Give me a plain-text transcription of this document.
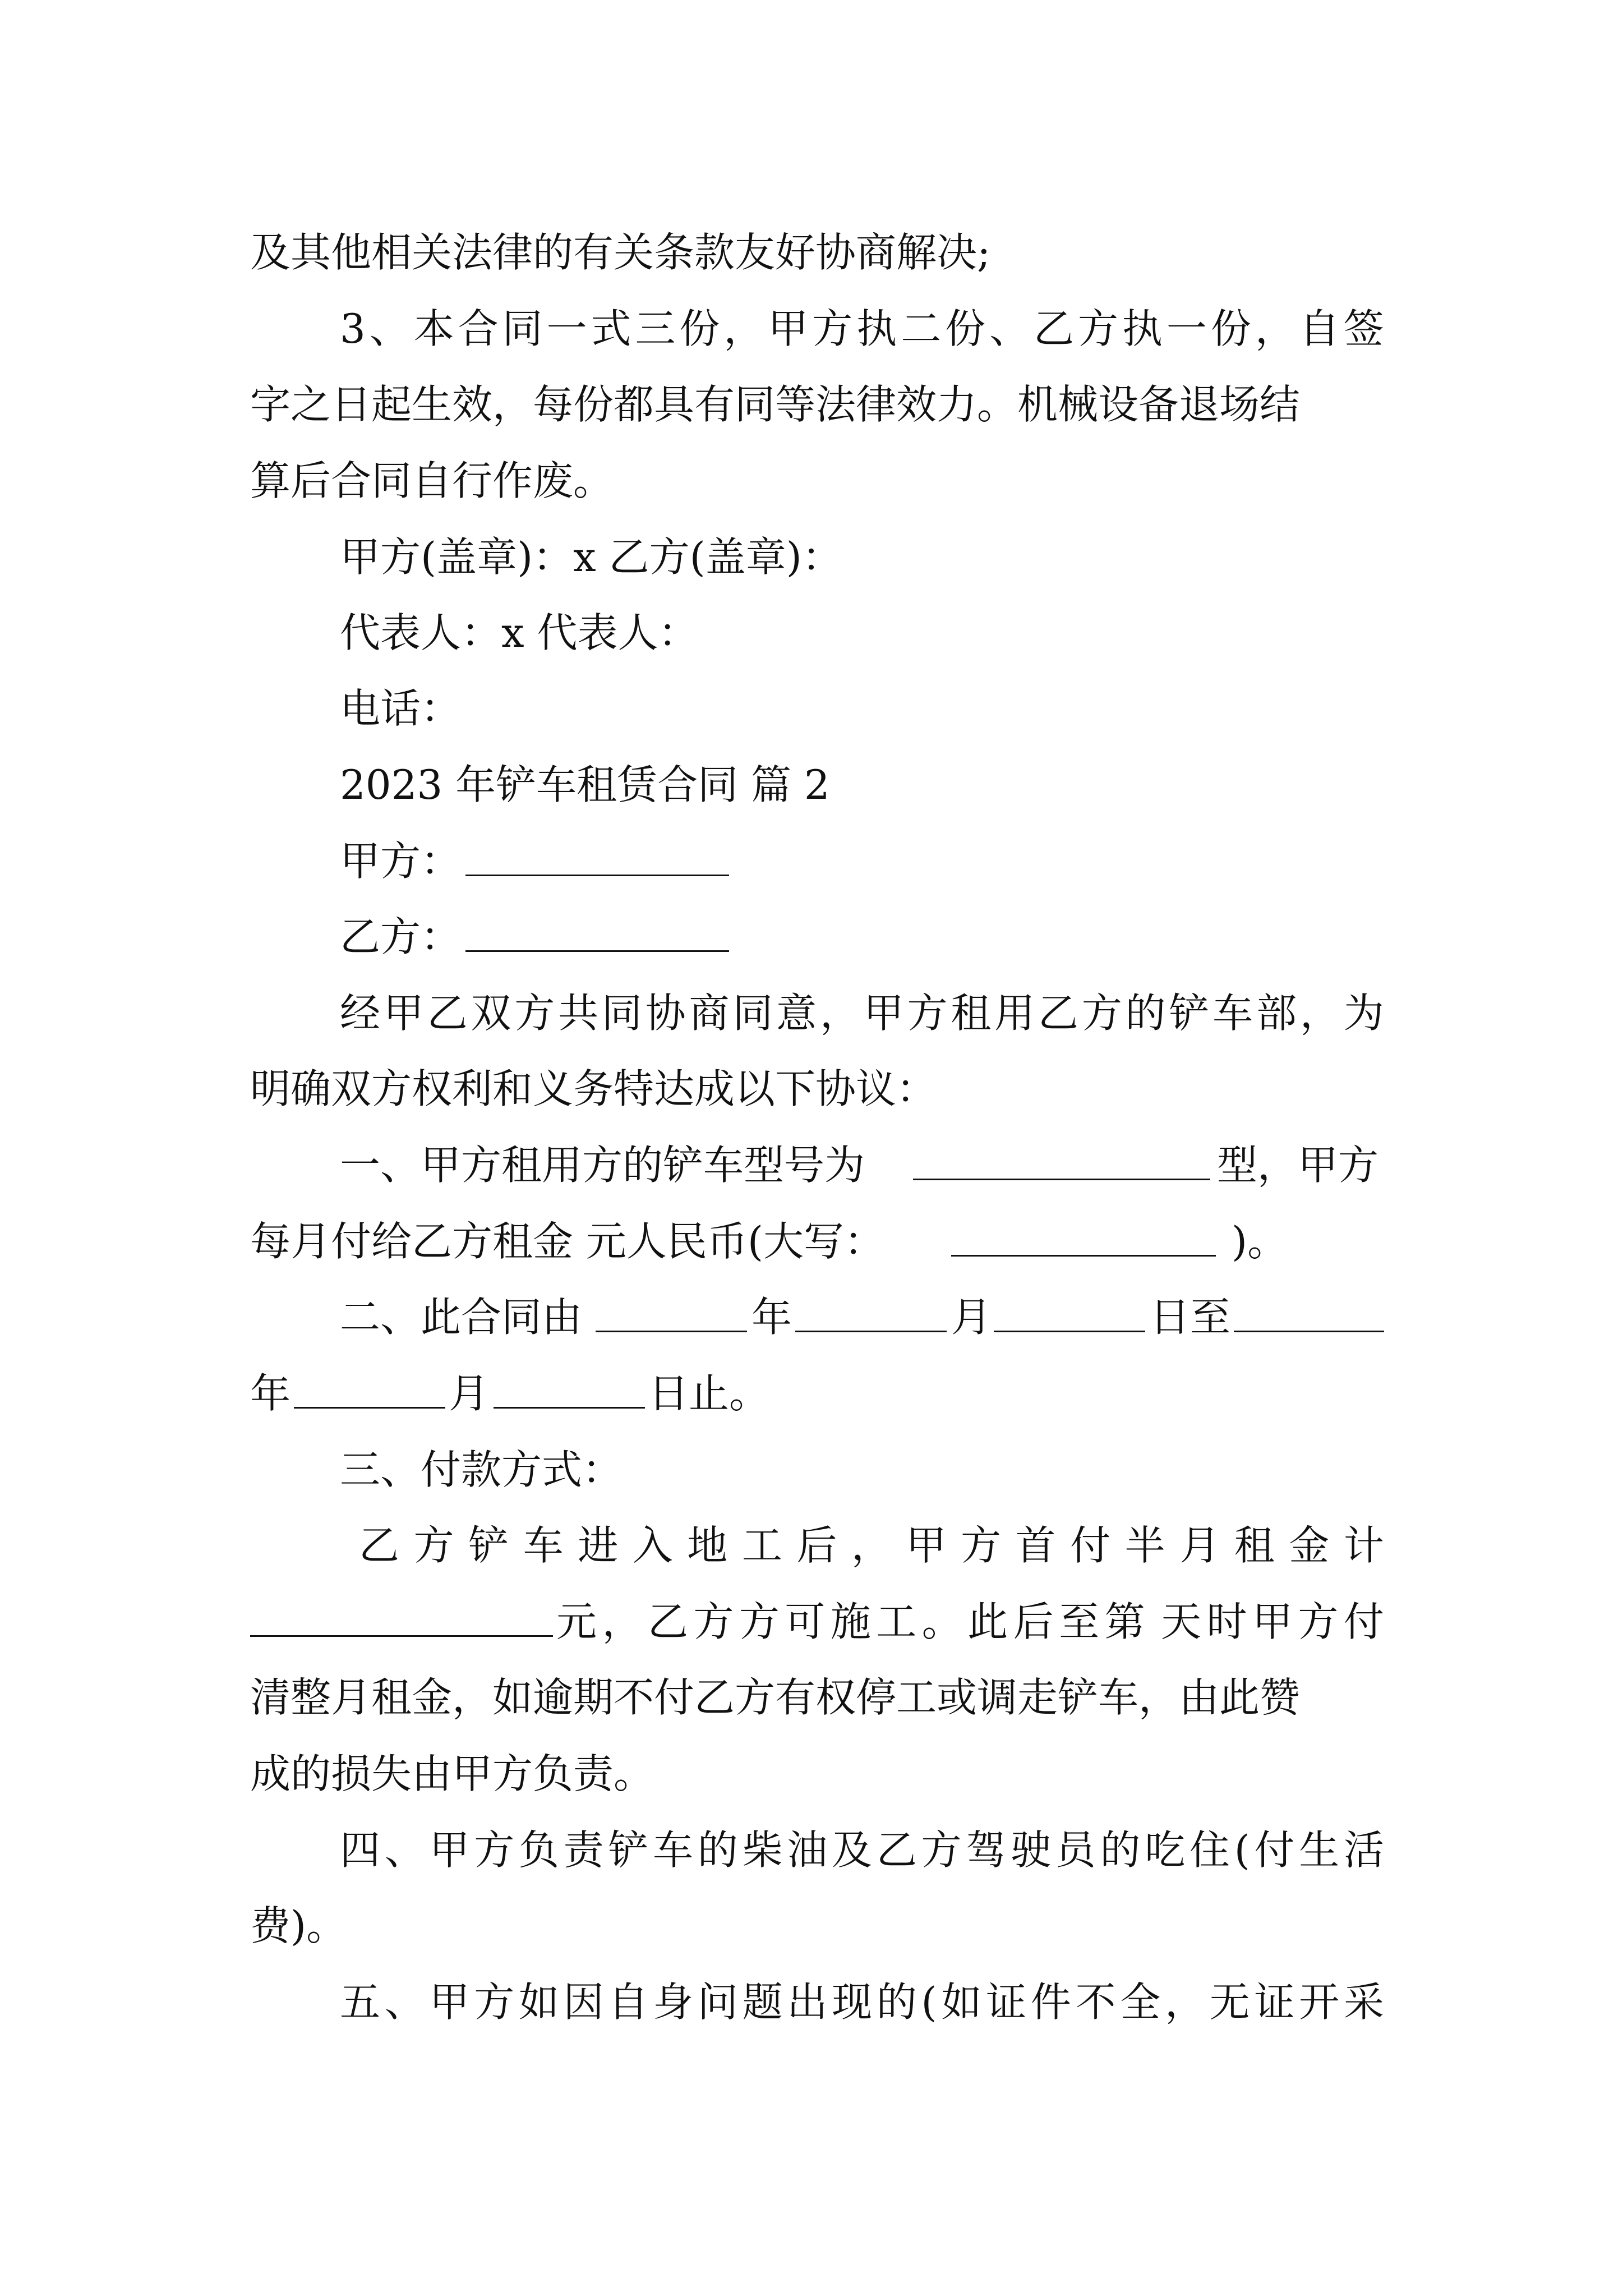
及其他相关法律的有关条款友好协商解决;
3 、 本 合 同 一 式 三 份 ， 甲 方 执 二 份 、 乙 方 执 一 份 ， 自 签
字之日起生效，每份都具有同等法律效力。机械设备退场结
算后合同自行作废。
甲方(盖章)：x 乙方(盖章)：
代表人：x 代表人：
电话：
2023 年铲车租赁合同 篇 2
甲方：
乙方：
经 甲 乙 双 方 共 同 协 商 同 意 ， 甲 方 租 用 乙 方 的 铲 车 部 ， 为
明确双方权利和义务特达成以下协议：
一、甲方租用方的铲车型号为	型，甲方
每月付给乙方租金 元人民币(大写：	)。
二、此合同由	年	月	日至
年	月	日止。
三、付款方式：
乙 方 铲 车 进 入 地 工 后 ， 甲 方 首 付 半 月 租 金 计
元 ， 乙 方 方 可 施 工 。 此 后 至 第 天 时 甲 方 付
清整月租金，如逾期不付乙方有权停工或调走铲车，由此赞
成的损失由甲方负责。
四 、 甲 方 负 责 铲 车 的 柴 油 及 乙 方 驾 驶 员 的 吃 住 ( 付 生 活
费)。
五 、 甲 方 如 因 自 身 问 题 出 现 的 ( 如 证 件 不 全 ， 无 证 开 采
